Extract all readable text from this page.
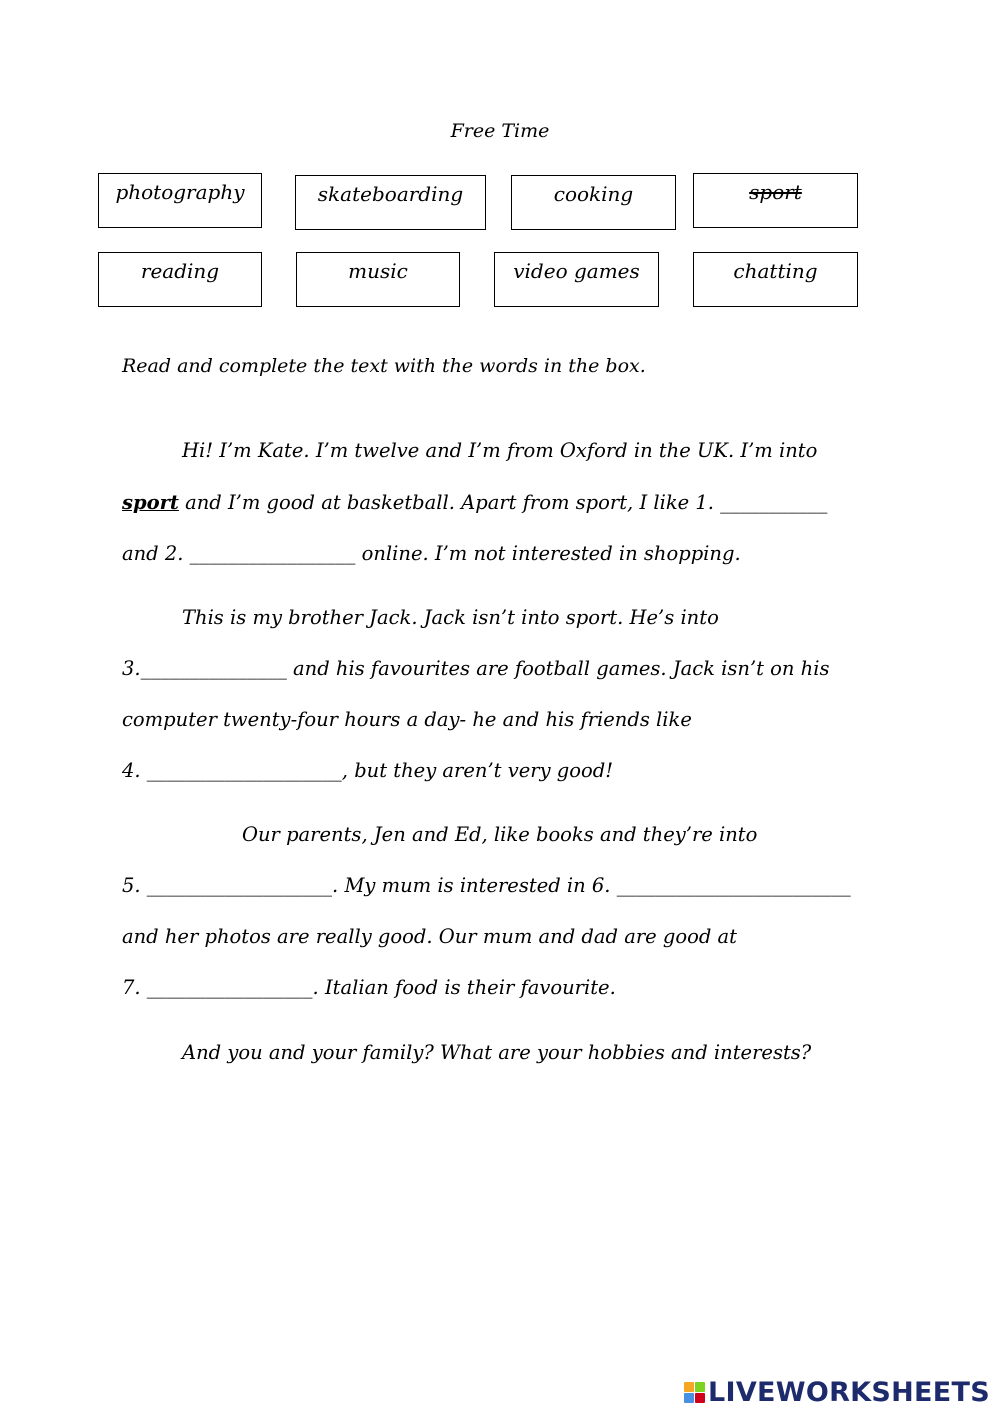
Free Time
photography	skateboarding	cooking	sport
reading	music	video games	chatting
Read and complete the text with the words in the box.
Hi! I’m Kate. I’m twelve and I’m from Oxford in the UK. I’m into
sport and I’m good at basketball. Apart from sport, I like 1. ___________
and 2. _________________ online. I’m not interested in shopping.
This is my brother Jack. Jack isn’t into sport. He’s into
3._______________ and his favourites are football games. Jack isn’t on his
computer twenty-four hours a day- he and his friends like
4. ____________________, but they aren’t very good!
Our parents, Jen and Ed, like books and they’re into
5. ___________________. My mum is interested in 6. ________________________
and her photos are really good. Our mum and dad are good at
7. _________________. Italian food is their favourite.
And you and your family? What are your hobbies and interests?
LIVEWORKSHEETS
